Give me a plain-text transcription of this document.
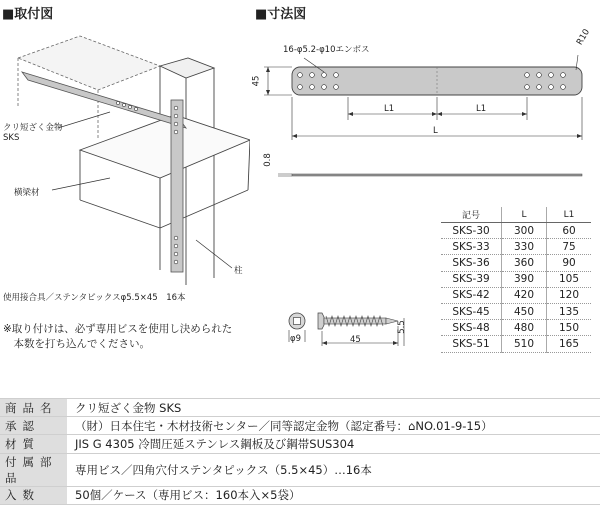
■取付図	■寸法図
クリ短ざく金物
SKS
横梁材
柱
使用接合具／ステンタピックスφ5.5×45　16本
※取り付けは、必ず専用ビスを使用し決められた
　本数を打ち込んでください。
16-φ5.2-φ10エンボス
R10
45
L1	L1
L
0.8
記号	L	L1
SKS-30	300	60
SKS-33	330	75
SKS-36	360	90
SKS-39	390	105
SKS-42	420	120
SKS-45	450	135
SKS-48	480	150
SKS-51	510	165
φ9	45
5.5
商品名	クリ短ざく金物 SKS
承認	（財）日本住宅・木材技術センター／同等認定金物（認定番号：⌂NO.01-9-15）
材質	JIS G 4305 冷間圧延ステンレス鋼板及び鋼帯SUS304
付属部品	専用ビス／四角穴付ステンタピックス（5.5×45）…16本
入数	50個／ケース（専用ビス：160本入×5袋）
